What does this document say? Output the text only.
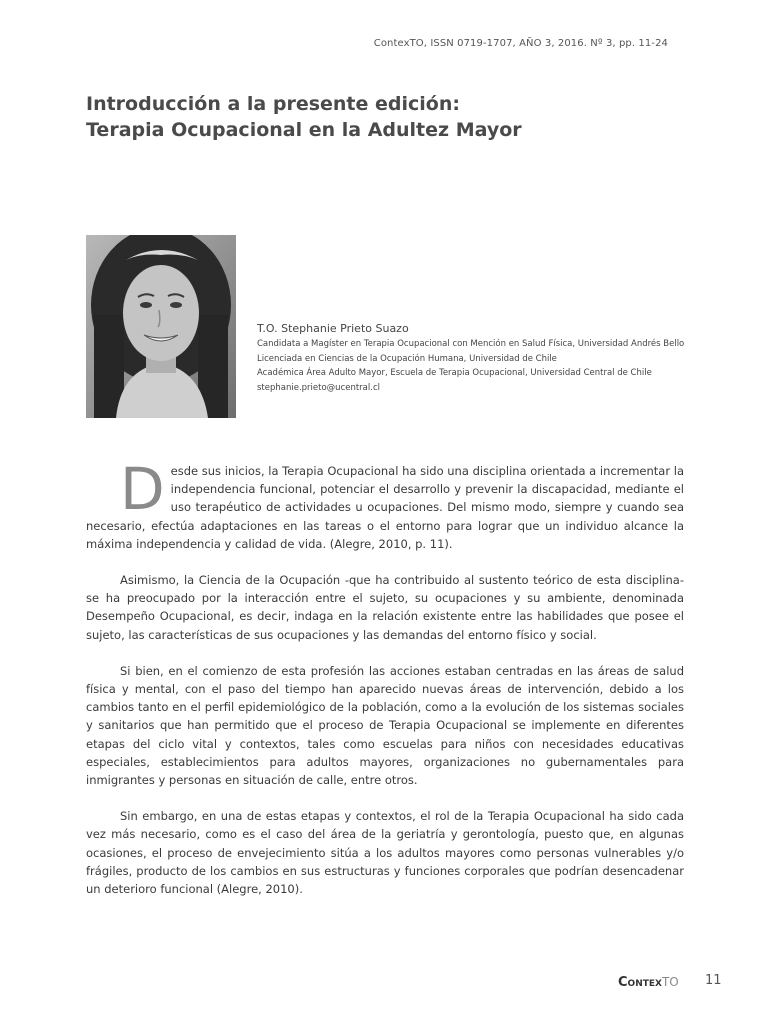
ContexTO, ISSN 0719-1707, AÑO 3, 2016. Nº 3, pp. 11-24
Introducción a la presente edición:
Terapia Ocupacional en la Adultez Mayor
T.O. Stephanie Prieto Suazo
Candidata a Magíster en Terapia Ocupacional con Mención en Salud Física, Universidad Andrés Bello
Licenciada en Ciencias de la Ocupación Humana, Universidad de Chile
Académica Área Adulto Mayor, Escuela de Terapia Ocupacional, Universidad Central de Chile
stephanie.prieto@ucentral.cl

Desde sus inicios, la Terapia Ocupacional ha sido una disciplina orientada a incrementar la independencia funcional, potenciar el desarrollo y prevenir la discapacidad, mediante el uso terapéutico de actividades u ocupaciones. Del mismo modo, siempre y cuando sea necesario, efectúa adaptaciones en las tareas o el entorno para lograr que un individuo alcance la máxima independencia y calidad de vida. (Alegre, 2010, p. 11).

Asimismo, la Ciencia de la Ocupación -que ha contribuido al sustento teórico de esta disciplina- se ha preocupado por la interacción entre el sujeto, su ocupaciones y su ambiente, denominada Desempeño Ocupacional, es decir, indaga en la relación existente entre las habilidades que posee el sujeto, las características de sus ocupaciones y las demandas del entorno físico y social.

Si bien, en el comienzo de esta profesión las acciones estaban centradas en las áreas de salud física y mental, con el paso del tiempo han aparecido nuevas áreas de intervención, debido a los cambios tanto en el perfil epidemiológico de la población, como a la evolución de los sistemas sociales y sanitarios que han permitido que el proceso de Terapia Ocupacional se implemente en diferentes etapas del ciclo vital y contextos, tales como escuelas para niños con necesidades educativas especiales, establecimientos para adultos mayores, organizaciones no gubernamentales para inmigrantes y personas en situación de calle, entre otros.

Sin embargo, en una de estas etapas y contextos, el rol de la Terapia Ocupacional ha sido cada vez más necesario, como es el caso del área de la geriatría y gerontología, puesto que, en algunas ocasiones, el proceso de envejecimiento sitúa a los adultos mayores como personas vulnerables y/o frágiles, producto de los cambios en sus estructuras y funciones corporales que podrían desencadenar un deterioro funcional (Alegre, 2010).

CONTEXTO 11
